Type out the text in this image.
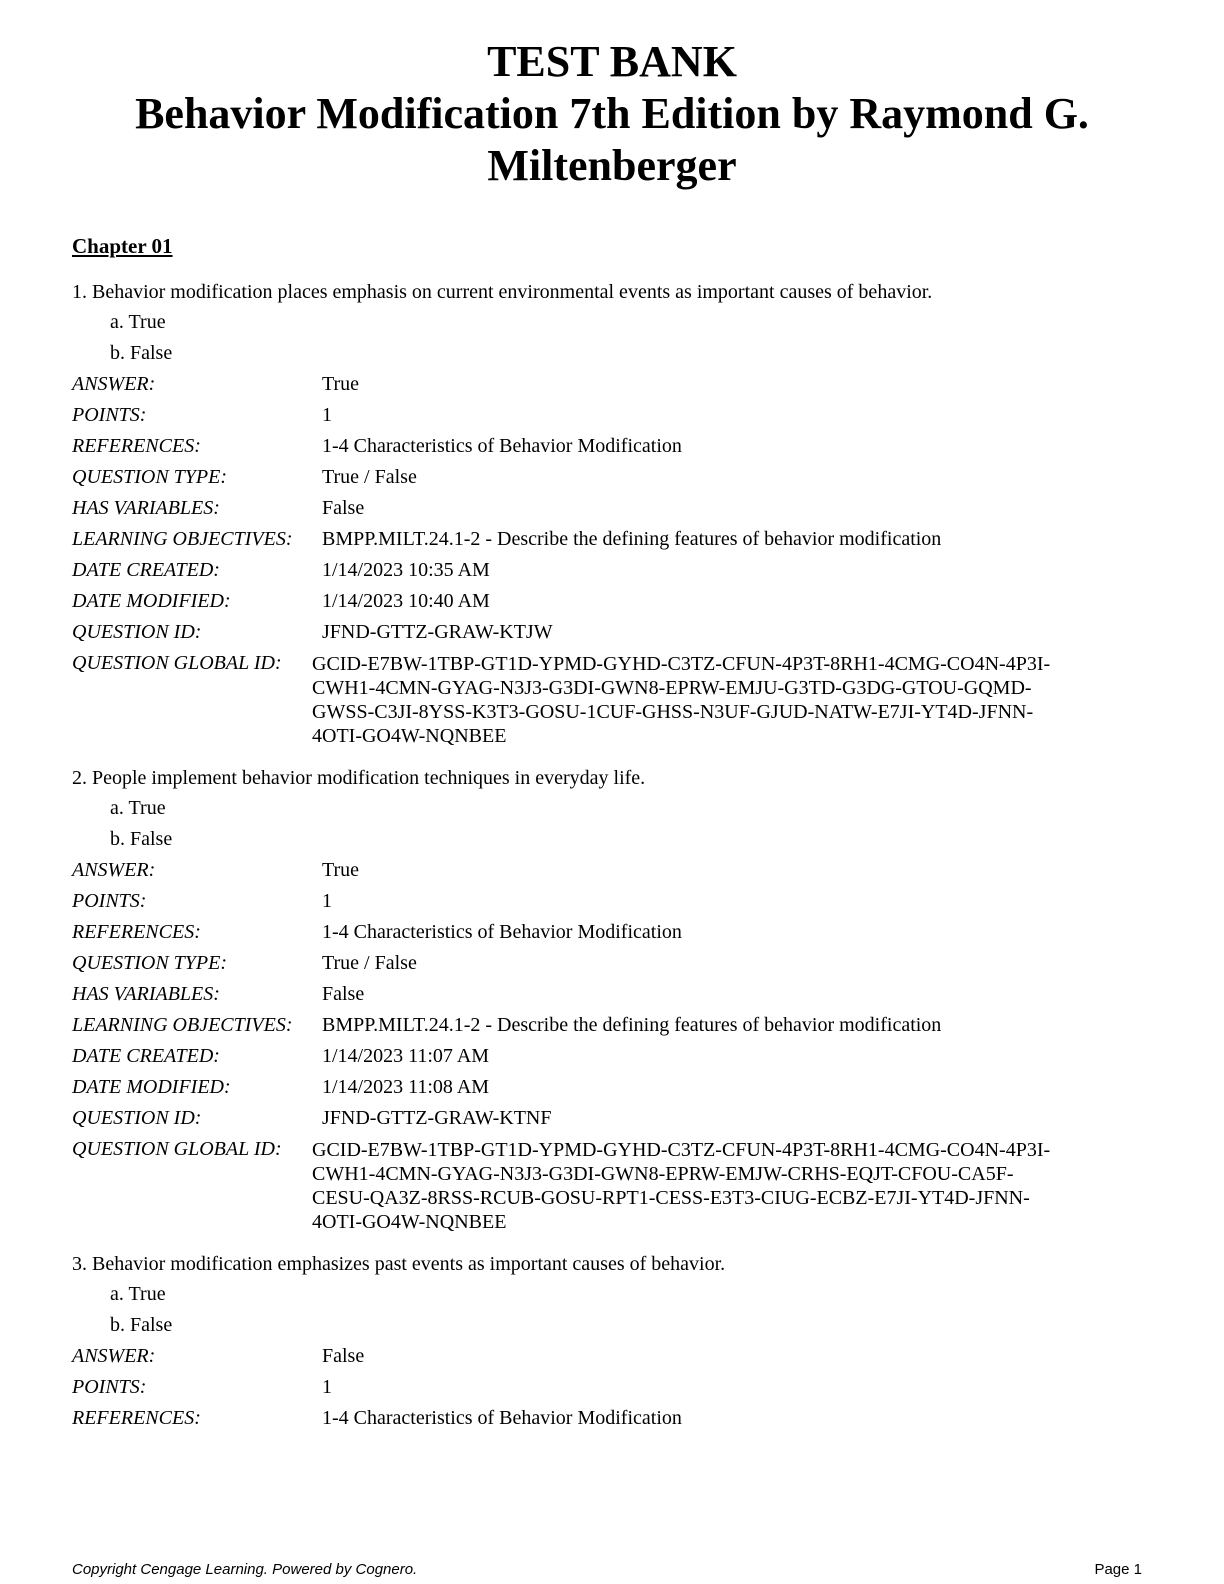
TEST BANK
Behavior Modification 7th Edition by Raymond G.
Miltenberger
Chapter 01
1. Behavior modification places emphasis on current environmental events as important causes of behavior.
a. True
b. False
ANSWER:	True
POINTS:	1
REFERENCES:	1-4 Characteristics of Behavior Modification
QUESTION TYPE:	True / False
HAS VARIABLES:	False
LEARNING OBJECTIVES:	BMPP.MILT.24.1-2 - Describe the defining features of behavior modification
DATE CREATED:	1/14/2023 10:35 AM
DATE MODIFIED:	1/14/2023 10:40 AM
QUESTION ID:	JFND-GTTZ-GRAW-KTJW
QUESTION GLOBAL ID:	GCID-E7BW-1TBP-GT1D-YPMD-GYHD-C3TZ-CFUN-4P3T-8RH1-4CMG-CO4N-4P3I-
CWH1-4CMN-GYAG-N3J3-G3DI-GWN8-EPRW-EMJU-G3TD-G3DG-GTOU-GQMD-
GWSS-C3JI-8YSS-K3T3-GOSU-1CUF-GHSS-N3UF-GJUD-NATW-E7JI-YT4D-JFNN-
4OTI-GO4W-NQNBEE
2. People implement behavior modification techniques in everyday life.
a. True
b. False
ANSWER:	True
POINTS:	1
REFERENCES:	1-4 Characteristics of Behavior Modification
QUESTION TYPE:	True / False
HAS VARIABLES:	False
LEARNING OBJECTIVES:	BMPP.MILT.24.1-2 - Describe the defining features of behavior modification
DATE CREATED:	1/14/2023 11:07 AM
DATE MODIFIED:	1/14/2023 11:08 AM
QUESTION ID:	JFND-GTTZ-GRAW-KTNF
QUESTION GLOBAL ID:	GCID-E7BW-1TBP-GT1D-YPMD-GYHD-C3TZ-CFUN-4P3T-8RH1-4CMG-CO4N-4P3I-
CWH1-4CMN-GYAG-N3J3-G3DI-GWN8-EPRW-EMJW-CRHS-EQJT-CFOU-CA5F-
CESU-QA3Z-8RSS-RCUB-GOSU-RPT1-CESS-E3T3-CIUG-ECBZ-E7JI-YT4D-JFNN-
4OTI-GO4W-NQNBEE
3. Behavior modification emphasizes past events as important causes of behavior.
a. True
b. False
ANSWER:	False
POINTS:	1
REFERENCES:	1-4 Characteristics of Behavior Modification
Copyright Cengage Learning. Powered by Cognero.	Page 1
